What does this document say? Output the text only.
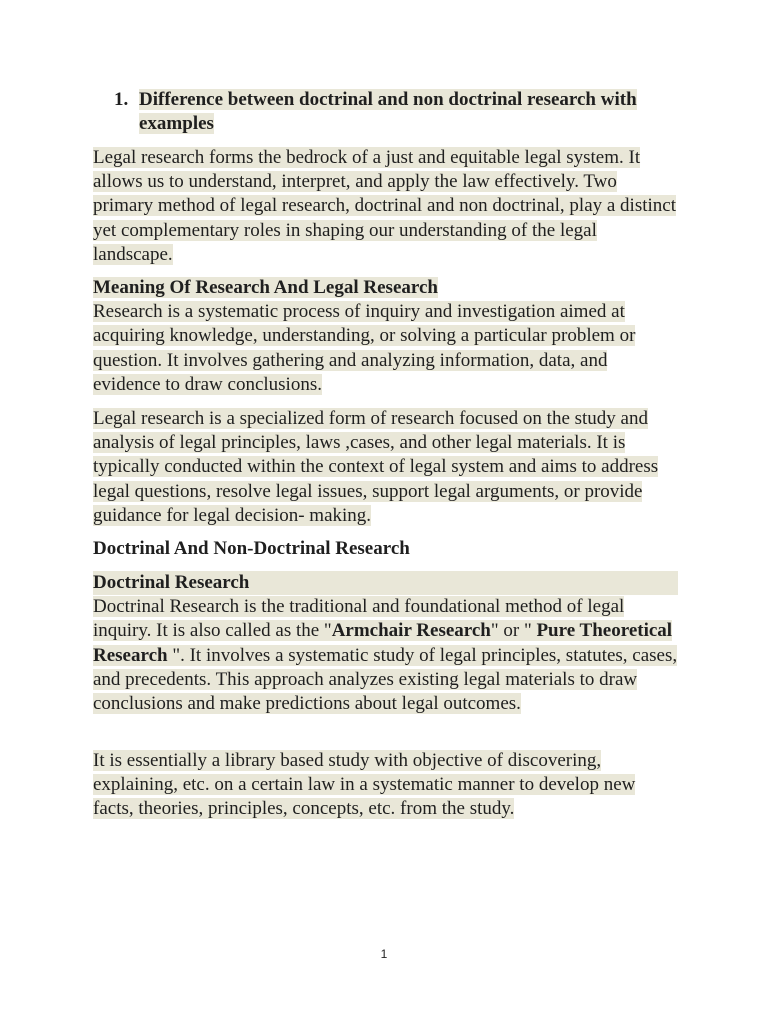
1. Difference between doctrinal and non doctrinal research with examples

Legal research forms the bedrock of a just and equitable legal system. It allows us to understand, interpret, and apply the law effectively. Two primary method of legal research, doctrinal and non doctrinal, play a distinct yet complementary roles in shaping our understanding of the legal landscape.

Meaning Of Research And Legal Research
Research is a systematic process of inquiry and investigation aimed at acquiring knowledge, understanding, or solving a particular problem or question. It involves gathering and analyzing information, data, and evidence to draw conclusions.

Legal research is a specialized form of research focused on the study and analysis of legal principles, laws ,cases, and other legal materials. It is typically conducted within the context of legal system and aims to address legal questions, resolve legal issues, support legal arguments, or provide guidance for legal decision- making.

Doctrinal And Non-Doctrinal Research

Doctrinal Research
Doctrinal Research is the traditional and foundational method of legal inquiry. It is also called as the "Armchair Research" or " Pure Theoretical Research ". It involves a systematic study of legal principles, statutes, cases, and precedents. This approach analyzes existing legal materials to draw conclusions and make predictions about legal outcomes.

It is essentially a library based study with objective of discovering, explaining, etc. on a certain law in a systematic manner to develop new facts, theories, principles, concepts, etc. from the study.

1
